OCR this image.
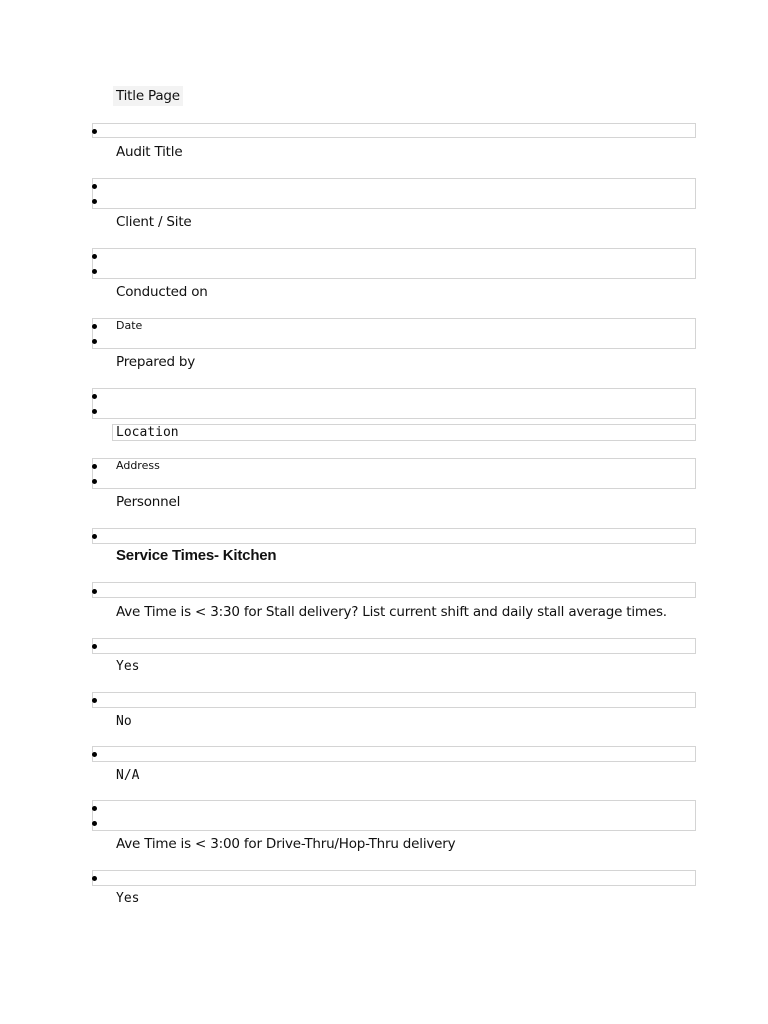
Title Page
Audit Title
Client / Site
Conducted on
Date
Prepared by
Location
Address
Personnel
Service Times- Kitchen
Ave Time is < 3:30 for Stall delivery? List current shift and daily stall average times.
Yes
No
N/A
Ave Time is < 3:00 for Drive-Thru/Hop-Thru delivery
Yes
